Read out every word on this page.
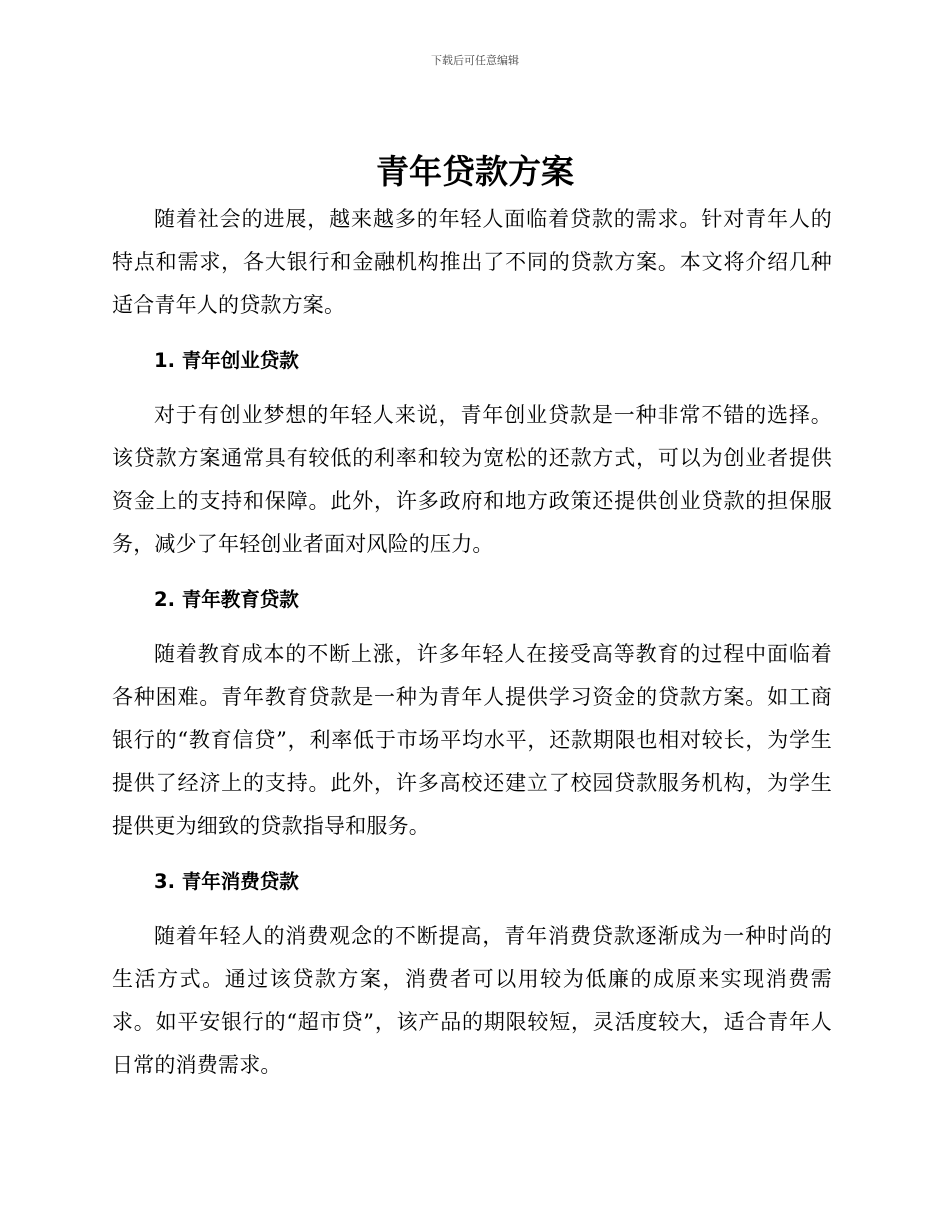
下载后可任意编辑
青年贷款方案

随着社会的进展，越来越多的年轻人面临着贷款的需求。针对青年人的特点和需求，各大银行和金融机构推出了不同的贷款方案。本文将介绍几种适合青年人的贷款方案。

1. 青年创业贷款

对于有创业梦想的年轻人来说，青年创业贷款是一种非常不错的选择。该贷款方案通常具有较低的利率和较为宽松的还款方式，可以为创业者提供资金上的支持和保障。此外，许多政府和地方政策还提供创业贷款的担保服务，减少了年轻创业者面对风险的压力。

2. 青年教育贷款

随着教育成本的不断上涨，许多年轻人在接受高等教育的过程中面临着各种困难。青年教育贷款是一种为青年人提供学习资金的贷款方案。如工商银行的“教育信贷”，利率低于市场平均水平，还款期限也相对较长，为学生提供了经济上的支持。此外，许多高校还建立了校园贷款服务机构，为学生提供更为细致的贷款指导和服务。

3. 青年消费贷款

随着年轻人的消费观念的不断提高，青年消费贷款逐渐成为一种时尚的生活方式。通过该贷款方案，消费者可以用较为低廉的成原来实现消费需求。如平安银行的“超市贷”，该产品的期限较短，灵活度较大，适合青年人日常的消费需求。
